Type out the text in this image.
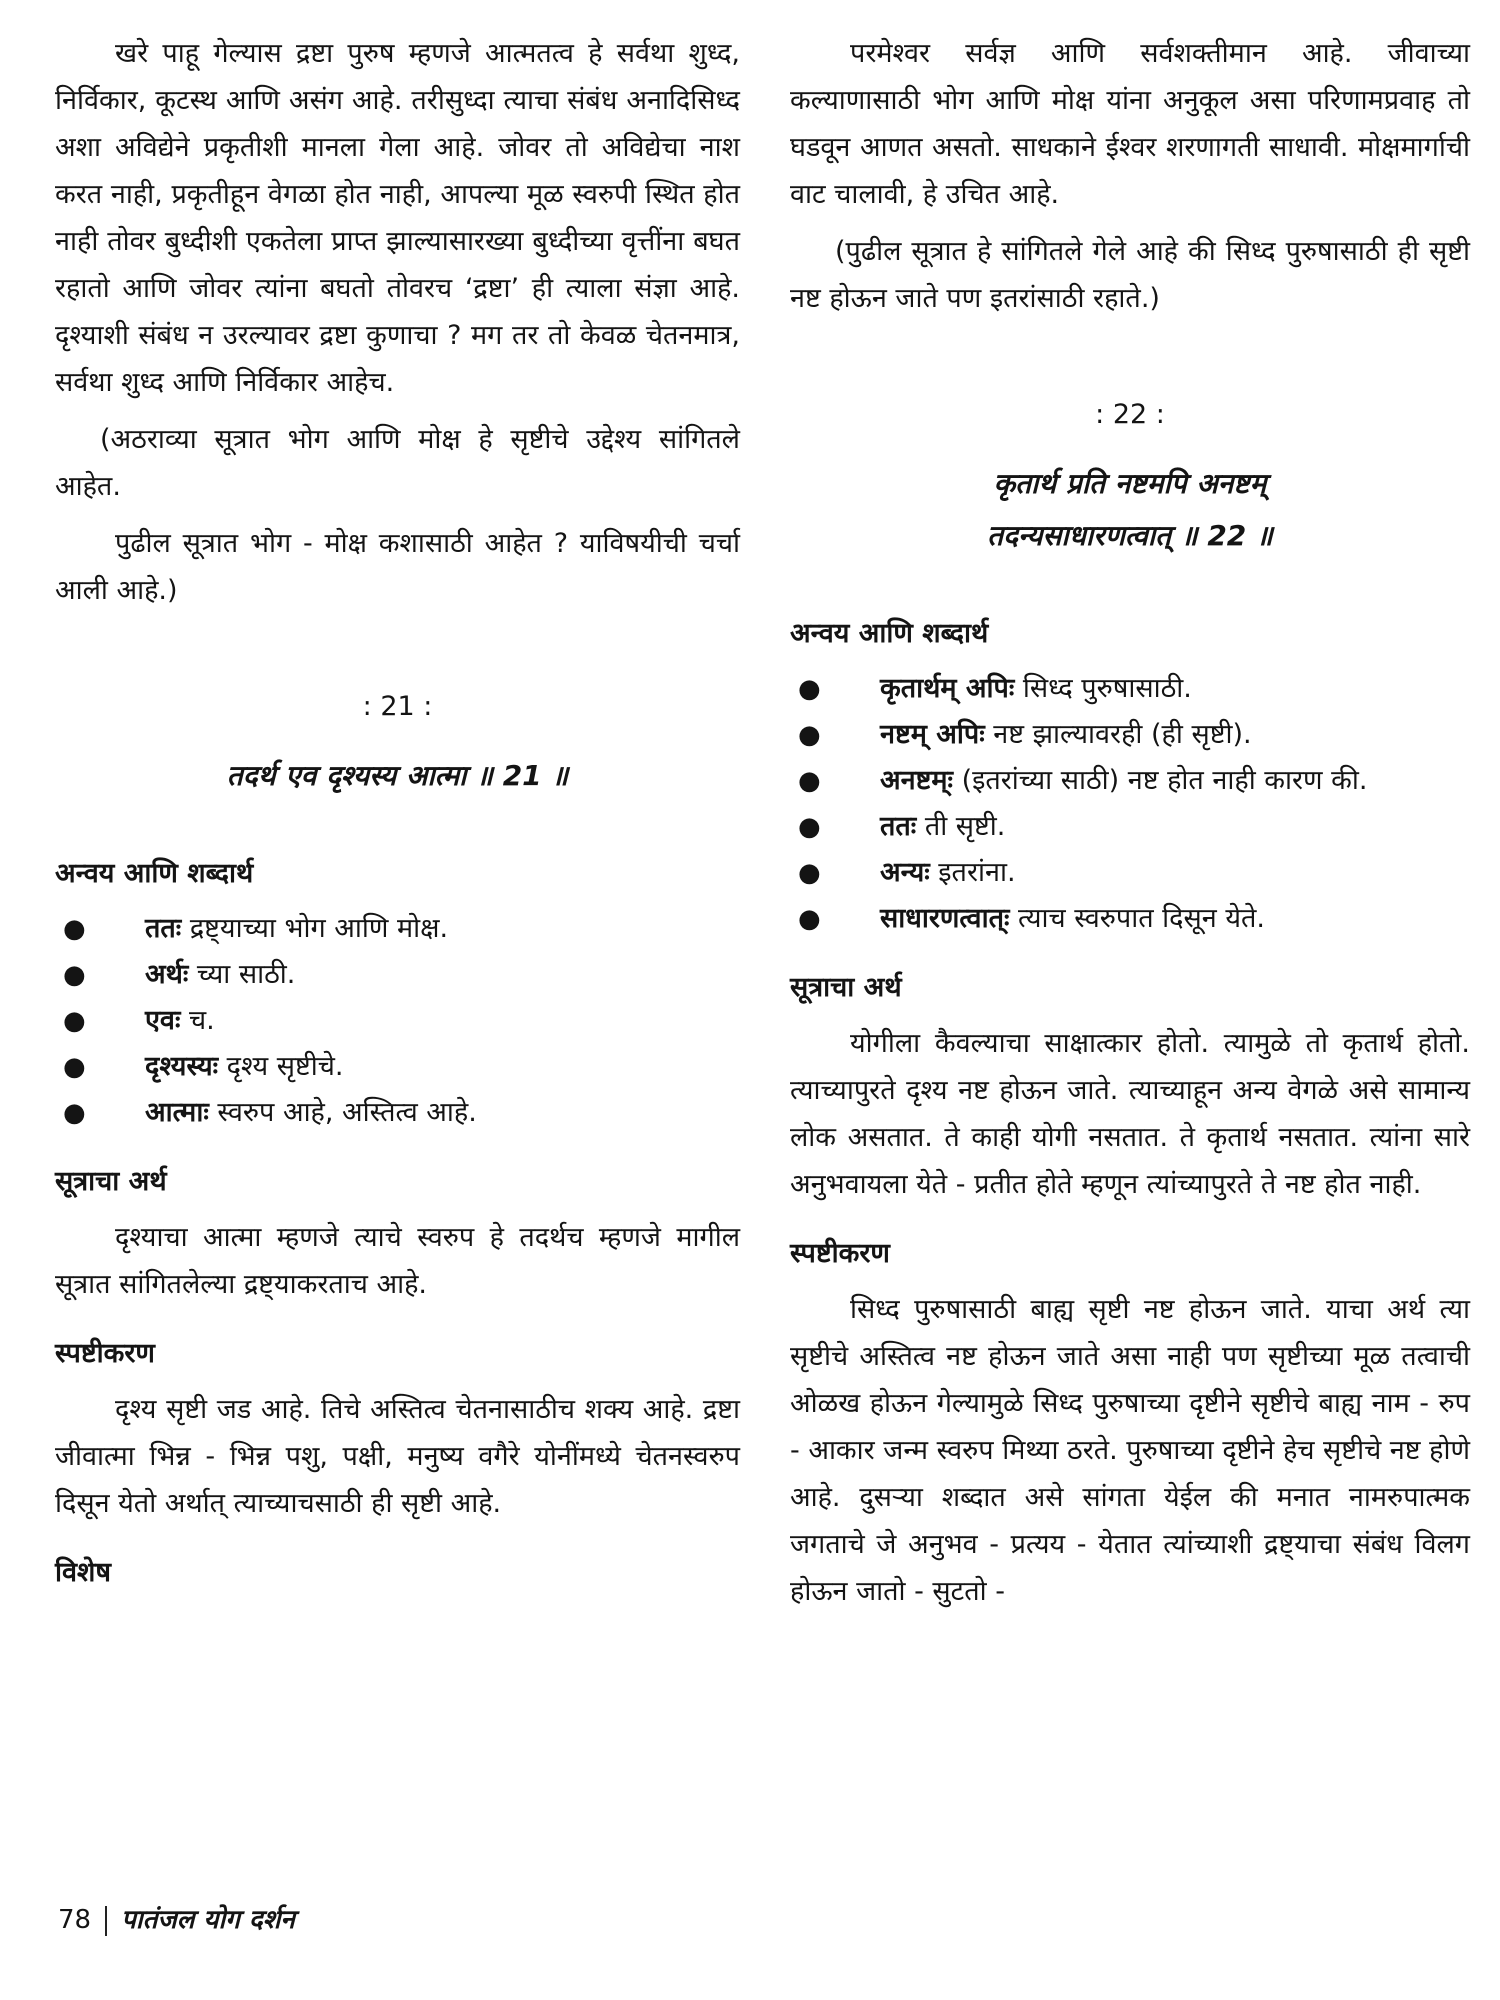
खरे पाहू गेल्यास द्रष्टा पुरुष म्हणजे आत्मतत्व हे सर्वथा शुध्द, निर्विकार, कूटस्थ आणि असंग आहे. तरीसुध्दा त्याचा संबंध अनादिसिध्द अशा अविद्येने प्रकृतीशी मानला गेला आहे. जोवर तो अविद्येचा नाश करत नाही, प्रकृतीहून वेगळा होत नाही, आपल्या मूळ स्वरुपी स्थित होत नाही तोवर बुध्दीशी एकतेला प्राप्त झाल्यासारख्या बुध्दीच्या वृत्तींना बघत रहातो आणि जोवर त्यांना बघतो तोवरच ‘द्रष्टा’ ही त्याला संज्ञा आहे. दृश्याशी संबंध न उरल्यावर द्रष्टा कुणाचा ? मग तर तो केवळ चेतनमात्र, सर्वथा शुध्द आणि निर्विकार आहेच.

(अठराव्या सूत्रात भोग आणि मोक्ष हे सृष्टीचे उद्देश्य सांगितले आहेत.

पुढील सूत्रात भोग - मोक्ष कशासाठी आहेत ? याविषयीची चर्चा आली आहे.)

: 21 :
तदर्थ एव दृश्यस्य आत्मा ॥ 21 ॥
अन्वय आणि शब्दार्थ
● ततः द्रष्ट्याच्या भोग आणि मोक्ष.
● अर्थः च्या साठी.
● एवः च.
● दृश्यस्यः दृश्य सृष्टीचे.
● आत्माः स्वरुप आहे, अस्तित्व आहे.
सूत्राचा अर्थ

दृश्याचा आत्मा म्हणजे त्याचे स्वरुप हे तदर्थच म्हणजे मागील सूत्रात सांगितलेल्या द्रष्ट्याकरताच आहे.

स्पष्टीकरण

दृश्य सृष्टी जड आहे. तिचे अस्तित्व चेतनासाठीच शक्य आहे. द्रष्टा जीवात्मा भिन्न - भिन्न पशु, पक्षी, मनुष्य वगैरे योनींमध्ये चेतनस्वरुप दिसून येतो अर्थात् त्याच्याचसाठी ही सृष्टी आहे.

विशेष

परमेश्वर सर्वज्ञ आणि सर्वशक्तीमान आहे. जीवाच्या कल्याणासाठी भोग आणि मोक्ष यांना अनुकूल असा परिणामप्रवाह तो घडवून आणत असतो. साधकाने ईश्वर शरणागती साधावी. मोक्षमार्गाची वाट चालावी, हे उचित आहे.

(पुढील सूत्रात हे सांगितले गेले आहे की सिध्द पुरुषासाठी ही सृष्टी नष्ट होऊन जाते पण इतरांसाठी रहाते.)

: 22 :
कृतार्थ प्रति नष्टमपि अनष्टम्
तदन्यसाधारणत्वात् ॥ 22 ॥
अन्वय आणि शब्दार्थ
● कृतार्थम् अपिः सिध्द पुरुषासाठी.
● नष्टम् अपिः नष्ट झाल्यावरही (ही सृष्टी).
● अनष्टम्ः (इतरांच्या साठी) नष्ट होत नाही कारण की.
● ततः ती सृष्टी.
● अन्यः इतरांना.
● साधारणत्वात्ः त्याच स्वरुपात दिसून येते.
सूत्राचा अर्थ

योगीला कैवल्याचा साक्षात्कार होतो. त्यामुळे तो कृतार्थ होतो. त्याच्यापुरते दृश्य नष्ट होऊन जाते. त्याच्याहून अन्य वेगळे असे सामान्य लोक असतात. ते काही योगी नसतात. ते कृतार्थ नसतात. त्यांना सारे अनुभवायला येते - प्रतीत होते म्हणून त्यांच्यापुरते ते नष्ट होत नाही.

स्पष्टीकरण

सिध्द पुरुषासाठी बाह्य सृष्टी नष्ट होऊन जाते. याचा अर्थ त्या सृष्टीचे अस्तित्व नष्ट होऊन जाते असा नाही पण सृष्टीच्या मूळ तत्वाची ओळख होऊन गेल्यामुळे सिध्द पुरुषाच्या दृष्टीने सृष्टीचे बाह्य नाम - रुप - आकार जन्म स्वरुप मिथ्या ठरते. पुरुषाच्या दृष्टीने हेच सृष्टीचे नष्ट होणे आहे. दुसऱ्या शब्दात असे सांगता येईल की मनात नामरुपात्मक जगताचे जे अनुभव - प्रत्यय - येतात त्यांच्याशी द्रष्ट्याचा संबंध विलग होऊन जातो - सुटतो -

78 पातंजल योग दर्शन
